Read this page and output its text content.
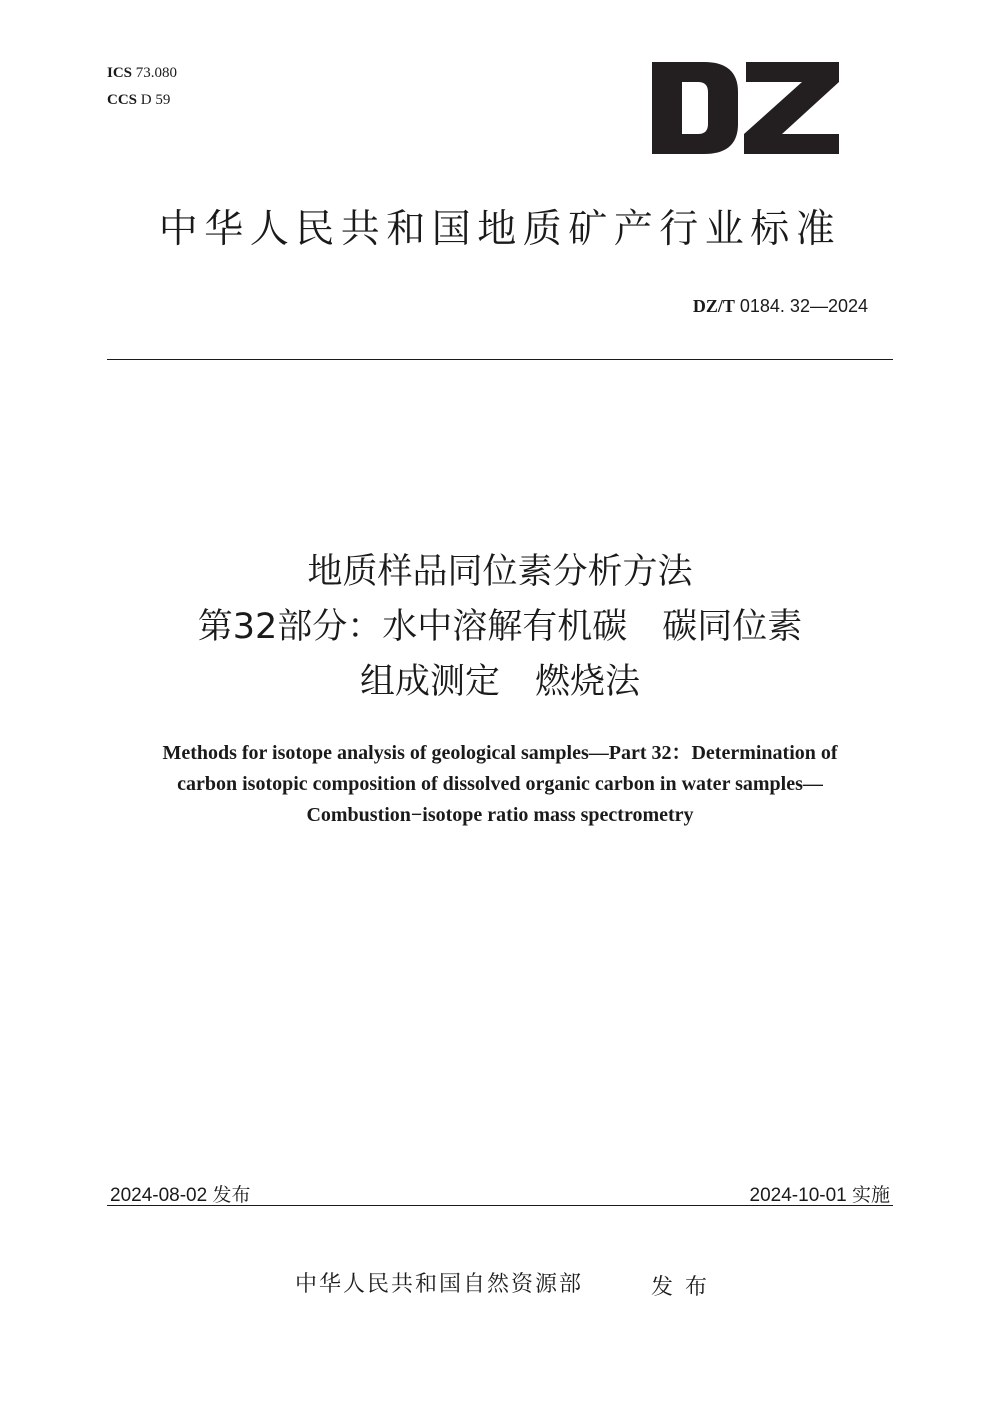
ICS 73.080
CCS D 59
中华人民共和国地质矿产行业标准
DZ/T 0184. 32—2024
地质样品同位素分析方法
第32部分：水中溶解有机碳　碳同位素
组成测定　燃烧法
Methods for isotope analysis of geological samples—Part 32：Determination of
carbon isotopic composition of dissolved organic carbon in water samples—
Combustion−isotope ratio mass spectrometry
2024-08-02 发布	2024-10-01 实施
中华人民共和国自然资源部	发布
